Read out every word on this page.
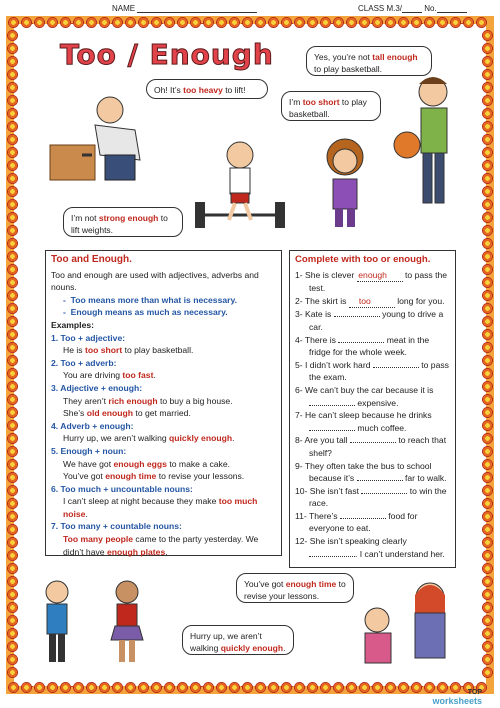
NAME	CLASS M.3/	No.
Too / Enough
Oh! It’s too heavy to lift!
Yes, you’re not tall enough to play basketball.
I’m too short to play basketball.
I’m not strong enough to lift weights.
You’ve got enough time to revise your lessons.
Hurry up, we aren’t walking quickly enough.

Too and Enough.

Too and enough are used with adjectives, adverbs and nouns.

-  Too means more than what is necessary.

-  Enough means as much as necessary.

Examples:

1. Too + adjective:

He is too short to play basketball.

2. Too + adverb:

You are driving too fast.

3. Adjective + enough:

They aren’t rich enough to buy a big house.

She’s old enough to get married.

4. Adverb + enough:

Hurry up, we aren’t walking quickly enough.

5. Enough + noun:

We have got enough eggs to make a cake.

You’ve got enough time to revise your lessons.

6. Too much + uncountable nouns:

I can’t sleep at night because they make too much noise.

7. Too many + countable nouns:

Too many people came to the party yesterday. We didn’t have enough plates.

Complete with too or enough.

1- She is clever enough to pass the test.

2- The skirt is too	long for you.

3- Kate is	young to drive a car.

4- There is	meat in the fridge for the whole week.

5- I didn’t work hard	to pass the exam.

6- We can’t buy the car because it is  expensive.

7- He can’t sleep because he drinks  much coffee.

8- Are you tall	to reach that shelf?

9- They often take the bus to school because it’s	far to walk.

10- She isn’t fast	to win the race.

11- There’s	food for everyone to eat.

12- She isn’t speaking clearly . I can’t understand her.

TOP
worksheets
